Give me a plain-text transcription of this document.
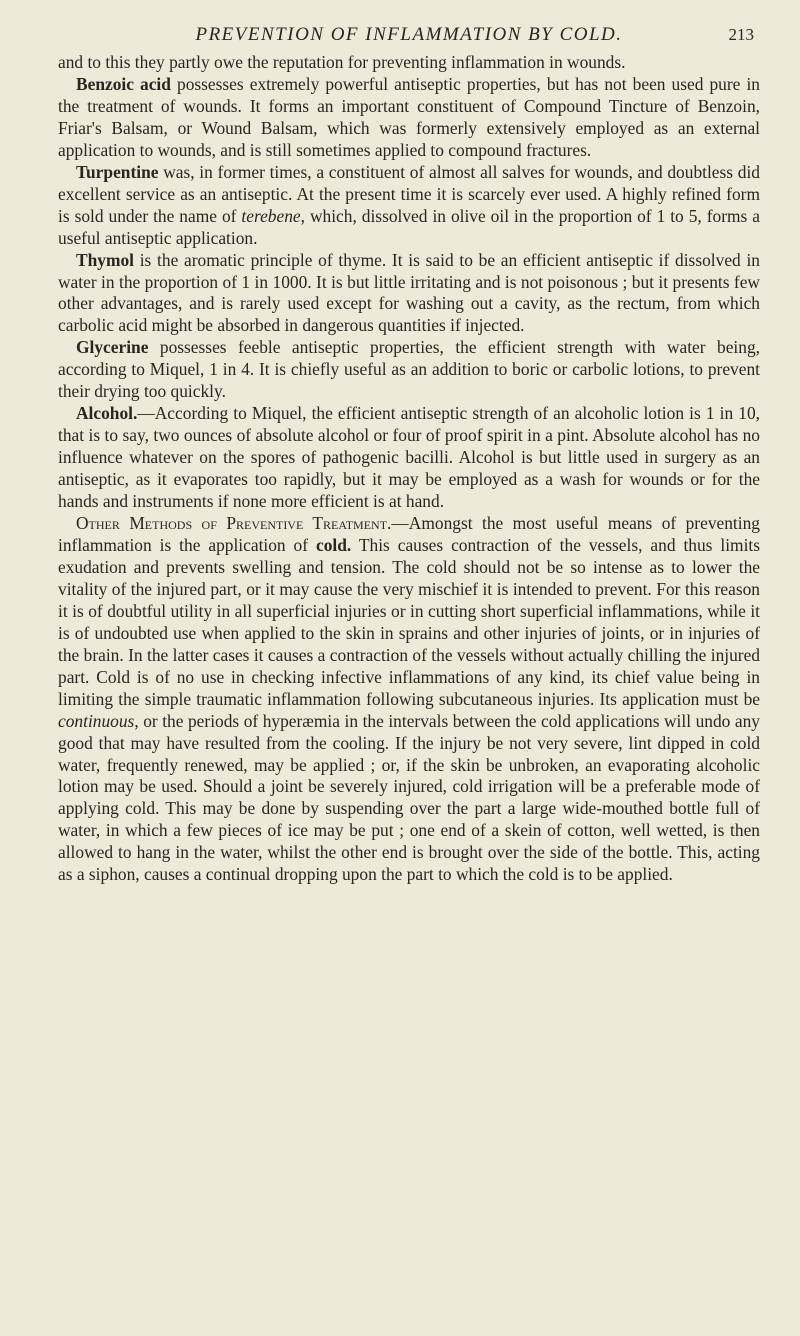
PREVENTION OF INFLAMMATION BY COLD.	213

and to this they partly owe the reputation for preventing inflammation in wounds.

Benzoic acid possesses extremely powerful antiseptic properties, but has not been used pure in the treatment of wounds. It forms an important constituent of Compound Tincture of Benzoin, Friar's Balsam, or Wound Balsam, which was formerly extensively employed as an external application to wounds, and is still sometimes applied to compound fractures.

Turpentine was, in former times, a constituent of almost all salves for wounds, and doubtless did excellent service as an antiseptic. At the present time it is scarcely ever used. A highly refined form is sold under the name of terebene, which, dissolved in olive oil in the proportion of 1 to 5, forms a useful antiseptic application.

Thymol is the aromatic principle of thyme. It is said to be an efficient antiseptic if dissolved in water in the proportion of 1 in 1000. It is but little irritating and is not poisonous ; but it presents few other advantages, and is rarely used except for washing out a cavity, as the rectum, from which carbolic acid might be absorbed in dangerous quantities if injected.

Glycerine possesses feeble antiseptic properties, the efficient strength with water being, according to Miquel, 1 in 4. It is chiefly useful as an addition to boric or carbolic lotions, to prevent their drying too quickly.

Alcohol.—According to Miquel, the efficient antiseptic strength of an alcoholic lotion is 1 in 10, that is to say, two ounces of absolute alcohol or four of proof spirit in a pint. Absolute alcohol has no influence whatever on the spores of pathogenic bacilli. Alcohol is but little used in surgery as an antiseptic, as it evaporates too rapidly, but it may be employed as a wash for wounds or for the hands and instruments if none more efficient is at hand.

Other Methods of Preventive Treatment.—Amongst the most useful means of preventing inflammation is the application of cold. This causes contraction of the vessels, and thus limits exudation and prevents swelling and tension. The cold should not be so intense as to lower the vitality of the injured part, or it may cause the very mischief it is intended to prevent. For this reason it is of doubtful utility in all superficial injuries or in cutting short superficial inflammations, while it is of undoubted use when applied to the skin in sprains and other injuries of joints, or in injuries of the brain. In the latter cases it causes a contraction of the vessels without actually chilling the injured part. Cold is of no use in checking infective inflammations of any kind, its chief value being in limiting the simple traumatic inflammation following subcutaneous injuries. Its application must be continuous, or the periods of hyperæmia in the intervals between the cold applications will undo any good that may have resulted from the cooling. If the injury be not very severe, lint dipped in cold water, frequently renewed, may be applied ; or, if the skin be unbroken, an evaporating alcoholic lotion may be used. Should a joint be severely injured, cold irrigation will be a preferable mode of applying cold. This may be done by suspending over the part a large wide-mouthed bottle full of water, in which a few pieces of ice may be put ; one end of a skein of cotton, well wetted, is then allowed to hang in the water, whilst the other end is brought over the side of the bottle. This, acting as a siphon, causes a continual dropping upon the part to which the cold is to be applied.
